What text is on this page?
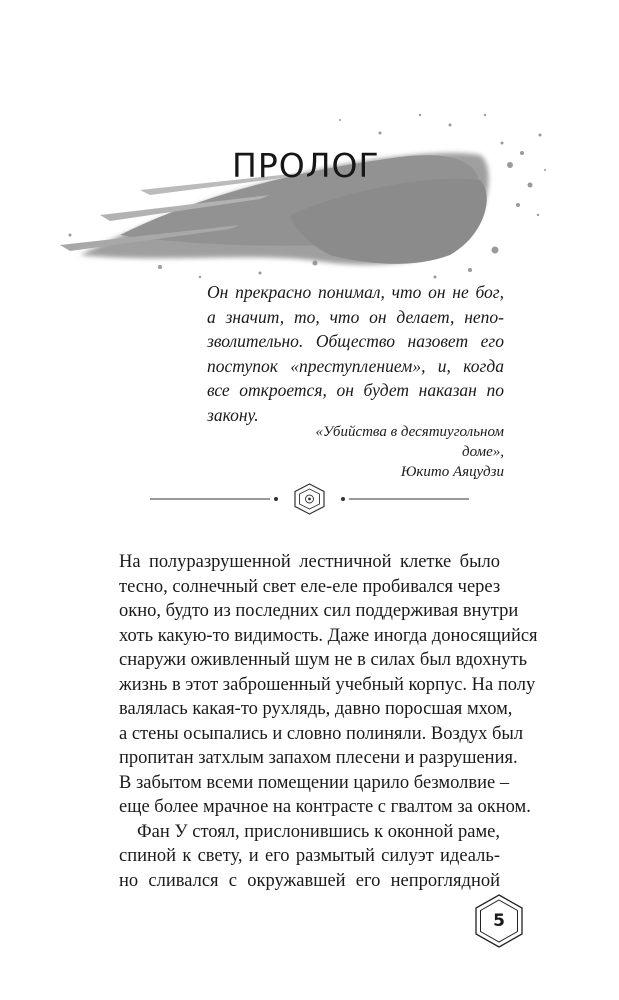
ПРОЛОГ
Он прекрасно понимал, что он не бог,
а значит, то, что он делает, непо-
зволительно. Общество назовет его
поступок «преступлением», и, когда
все откроется, он будет наказан по
закону.
«Убийства в десятиугольном доме»,
Юкито Аяцудзи
На полуразрушенной лестничной клетке было
тесно, солнечный свет еле-еле пробивался через
окно, будто из последних сил поддерживая внутри
хоть какую-то видимость. Даже иногда доносящийся
снаружи оживленный шум не в силах был вдохнуть
жизнь в этот заброшенный учебный корпус. На полу
валялась какая-то рухлядь, давно поросшая мхом,
а стены осыпались и словно полиняли. Воздух был
пропитан затхлым запахом плесени и разрушения.
В забытом всеми помещении царило безмолвие –
еще более мрачное на контрасте с гвалтом за окном.
Фан У стоял, прислонившись к оконной раме,
спиной к свету, и его размытый силуэт идеаль-
но сливался с окружавшей его непроглядной
5
